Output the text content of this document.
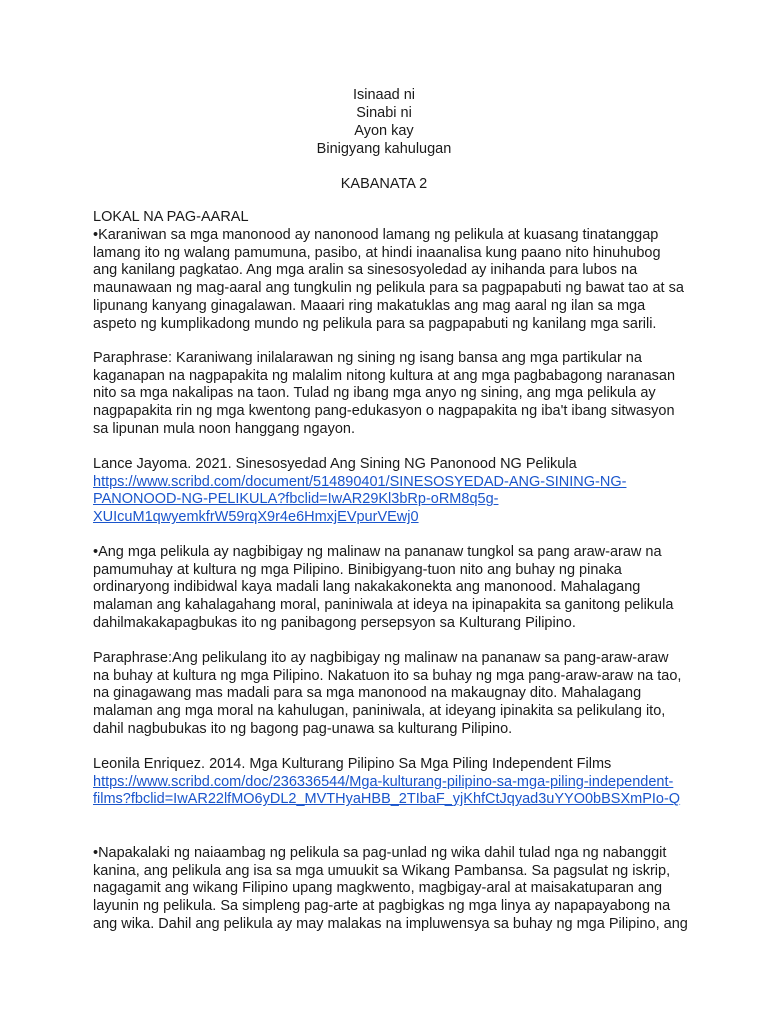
Isinaad ni
Sinabi ni
Ayon kay
Binigyang kahulugan
KABANATA 2
LOKAL NA PAG-AARAL
•Karaniwan sa mga manonood ay nanonood lamang ng pelikula at kuasang tinatanggap
lamang ito ng walang pamumuna, pasibo, at hindi inaanalisa kung paano nito hinuhubog
ang kanilang pagkatao. Ang mga aralin sa sinesosyoledad ay inihanda para lubos na
maunawaan ng mag-aaral ang tungkulin ng pelikula para sa pagpapabuti ng bawat tao at sa
lipunang kanyang ginagalawan. Maaari ring makatuklas ang mag aaral ng ilan sa mga
aspeto ng kumplikadong mundo ng pelikula para sa pagpapabuti ng kanilang mga sarili.
Paraphrase: Karaniwang inilalarawan ng sining ng isang bansa ang mga partikular na
kaganapan na nagpapakita ng malalim nitong kultura at ang mga pagbabagong naranasan
nito sa mga nakalipas na taon. Tulad ng ibang mga anyo ng sining, ang mga pelikula ay
nagpapakita rin ng mga kwentong pang-edukasyon o nagpapakita ng iba't ibang sitwasyon
sa lipunan mula noon hanggang ngayon.
Lance Jayoma. 2021. Sinesosyedad Ang Sining NG Panonood NG Pelikula
https://www.scribd.com/document/514890401/SINESOSYEDAD-ANG-SINING-NG-
PANONOOD-NG-PELIKULA?fbclid=IwAR29Kl3bRp-oRM8q5g-
XUIcuM1qwyemkfrW59rqX9r4e6HmxjEVpurVEwj0
•Ang mga pelikula ay nagbibigay ng malinaw na pananaw tungkol sa pang araw-araw na
pamumuhay at kultura ng mga Pilipino. Binibigyang-tuon nito ang buhay ng pinaka
ordinaryong indibidwal kaya madali lang nakakakonekta ang manonood. Mahalagang
malaman ang kahalagahang moral, paniniwala at ideya na ipinapakita sa ganitong pelikula
dahilmakakapagbukas ito ng panibagong persepsyon sa Kulturang Pilipino.
Paraphrase:Ang pelikulang ito ay nagbibigay ng malinaw na pananaw sa pang-araw-araw
na buhay at kultura ng mga Pilipino. Nakatuon ito sa buhay ng mga pang-araw-araw na tao,
na ginagawang mas madali para sa mga manonood na makaugnay dito. Mahalagang
malaman ang mga moral na kahulugan, paniniwala, at ideyang ipinakita sa pelikulang ito,
dahil nagbubukas ito ng bagong pag-unawa sa kulturang Pilipino.
Leonila Enriquez. 2014. Mga Kulturang Pilipino Sa Mga Piling Independent Films
https://www.scribd.com/doc/236336544/Mga-kulturang-pilipino-sa-mga-piling-independent-
films?fbclid=IwAR22lfMO6yDL2_MVTHyaHBB_2TIbaF_yjKhfCtJqyad3uYYO0bBSXmPIo-Q
•Napakalaki ng naiaambag ng pelikula sa pag-unlad ng wika dahil tulad nga ng nabanggit
kanina, ang pelikula ang isa sa mga umuukit sa Wikang Pambansa. Sa pagsulat ng iskrip,
nagagamit ang wikang Filipino upang magkwento, magbigay-aral at maisakatuparan ang
layunin ng pelikula. Sa simpleng pag-arte at pagbigkas ng mga linya ay napapayabong na
ang wika. Dahil ang pelikula ay may malakas na impluwensya sa buhay ng mga Pilipino, ang
